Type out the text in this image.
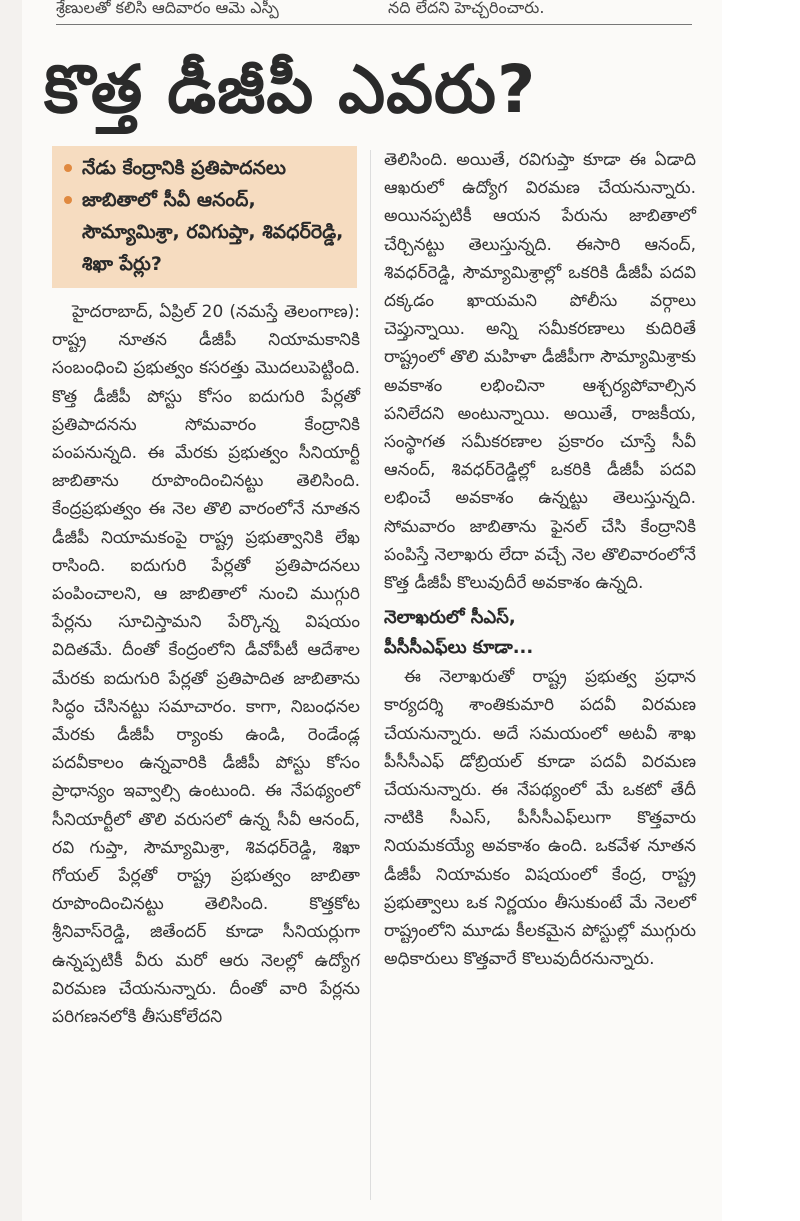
శ్రేణులతో కలిసి ఆదివారం ఆమె ఎస్పీ	నది లేదని హెచ్చరించారు.
కొత్త డీజీపీ ఎవరు?
నేడు కేంద్రానికి ప్రతిపాదనలు
జాబితాలో సీవీ ఆనంద్, సౌమ్యామిశ్రా, రవిగుప్తా, శివధర్‌రెడ్డి, శిఖా పేర్లు?

హైదరాబాద్, ఏప్రిల్ 20 (నమస్తే తెలంగాణ): రాష్ట్ర నూతన డీజీపీ నియామకానికి సంబంధించి ప్రభుత్వం కసరత్తు మొదలుపెట్టింది. కొత్త డీజీపీ పోస్టు కోసం ఐదుగురి పేర్లతో ప్రతిపాదనను సోమవారం కేంద్రానికి పంపనున్నది. ఈ మేరకు ప్రభుత్వం సీనియార్టీ జాబితాను రూపొందించినట్టు తెలిసింది. కేంద్రప్రభుత్వం ఈ నెల తొలి వారంలోనే నూతన డీజీపీ నియామకంపై రాష్ట్ర ప్రభుత్వానికి లేఖ రాసింది. ఐదుగురి పేర్లతో ప్రతిపాదనలు పంపించాలని, ఆ జాబితాలో నుంచి ముగ్గురి పేర్లను సూచిస్తామని పేర్కొన్న విషయం విదితమే. దీంతో కేంద్రంలోని డీవోపీటీ ఆదేశాల మేరకు ఐదుగురి పేర్లతో ప్రతిపాదిత జాబితాను సిద్ధం చేసినట్టు సమాచారం. కాగా, నిబంధనల మేరకు డీజీపీ ర్యాంకు ఉండి, రెండేండ్ల పదవీకాలం ఉన్నవారికి డీజీపీ పోస్టు కోసం ప్రాధాన్యం ఇవ్వాల్సి ఉంటుంది. ఈ నేపథ్యంలో సీనియార్టీలో తొలి వరుసలో ఉన్న సీవీ ఆనంద్, రవి గుప్తా, సౌమ్యామిశ్రా, శివధర్‌రెడ్డి, శిఖా గోయల్ పేర్లతో రాష్ట్ర ప్రభుత్వం జాబితా రూపొందించినట్టు తెలిసింది. కొత్తకోట శ్రీనివాస్‌రెడ్డి, జితేందర్ కూడా సీనియర్లుగా ఉన్నప్పటికీ వీరు మరో ఆరు నెలల్లో ఉద్యోగ విరమణ చేయనున్నారు. దీంతో వారి పేర్లను పరిగణనలోకి తీసుకోలేదని

తెలిసింది. అయితే, రవిగుప్తా కూడా ఈ ఏడాది ఆఖరులో ఉద్యోగ విరమణ చేయనున్నారు. అయినప్పటికీ ఆయన పేరును జాబితాలో చేర్చినట్టు తెలుస్తున్నది. ఈసారి ఆనంద్, శివధర్‌రెడ్డి, సౌమ్యామిశ్రాల్లో ఒకరికి డీజీపీ పదవి దక్కడం ఖాయమని పోలీసు వర్గాలు చెప్తున్నాయి. అన్ని సమీకరణాలు కుదిరితే రాష్ట్రంలో తొలి మహిళా డీజీపీగా సౌమ్యామిశ్రాకు అవకాశం లభించినా ఆశ్చర్యపోవాల్సిన పనిలేదని అంటున్నాయి. అయితే, రాజకీయ, సంస్థాగత సమీకరణాల ప్రకారం చూస్తే సీవీ ఆనంద్, శివధర్‌రెడ్డిల్లో ఒకరికి డీజీపీ పదవి లభించే అవకాశం ఉన్నట్టు తెలుస్తున్నది. సోమవారం జాబితాను ఫైనల్ చేసి కేంద్రానికి పంపిస్తే నెలాఖరు లేదా వచ్చే నెల తొలివారంలోనే కొత్త డీజీపీ కొలువుదీరే అవకాశం ఉన్నది.

నెలాఖరులో సీఎస్,
పీసీసీఎఫ్‌లు కూడా...

ఈ నెలాఖరుతో రాష్ట్ర ప్రభుత్వ ప్రధాన కార్యదర్శి శాంతికుమారి పదవీ విరమణ చేయనున్నారు. అదే సమయంలో అటవీ శాఖ పీసీసీఎఫ్ డోబ్రియల్ కూడా పదవీ విరమణ చేయనున్నారు. ఈ నేపథ్యంలో మే ఒకటో తేదీ నాటికి సీఎస్, పీసీసీఎఫ్‌లుగా కొత్తవారు నియమకయ్యే అవకాశం ఉంది. ఒకవేళ నూతన డీజీపీ నియామకం విషయంలో కేంద్ర, రాష్ట్ర ప్రభుత్వాలు ఒక నిర్ణయం తీసుకుంటే మే నెలలో రాష్ట్రంలోని మూడు కీలకమైన పోస్టుల్లో ముగ్గురు అధికారులు కొత్తవారే కొలువుదీరనున్నారు.
